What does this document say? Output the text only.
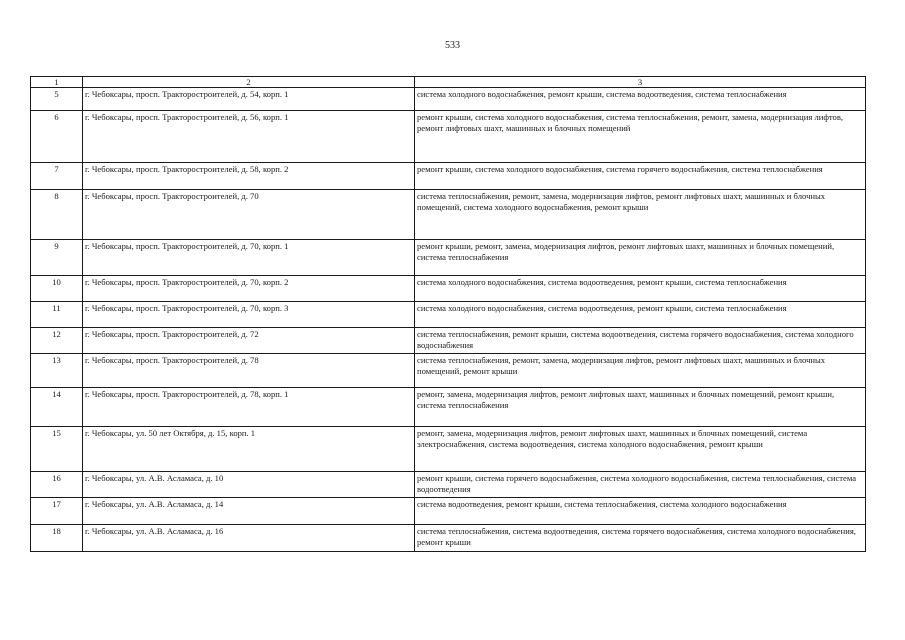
533
1	2	3
5	г. Чебоксары, просп. Тракторостроителей, д. 54, корп. 1	система холодного водоснабжения, ремонт крыши, система водоотведения, система теплоснабжения
6	г. Чебоксары, просп. Тракторостроителей, д. 56, корп. 1	ремонт крыши, система холодного водоснабжения, система теплоснабжения, ремонт, замена, модернизация лифтов, ремонт лифтовых шахт, машинных и блочных помещений
7	г. Чебоксары, просп. Тракторостроителей, д. 58, корп. 2	ремонт крыши, система холодного водоснабжения, система горячего водоснабжения, система теплоснабжения
8	г. Чебоксары, просп. Тракторостроителей, д. 70	система теплоснабжения, ремонт, замена, модернизация лифтов, ремонт лифтовых шахт, машинных и блочных помещений, система холодного водоснабжения, ремонт крыши
9	г. Чебоксары, просп. Тракторостроителей, д. 70, корп. 1	ремонт крыши, ремонт, замена, модернизация лифтов, ремонт лифтовых шахт, машинных и блочных помещений, система теплоснабжения
10	г. Чебоксары, просп. Тракторостроителей, д. 70, корп. 2	система холодного водоснабжения, система водоотведения, ремонт крыши, система теплоснабжения
11	г. Чебоксары, просп. Тракторостроителей, д. 70, корп. 3	система холодного водоснабжения, система водоотведения, ремонт крыши, система теплоснабжения
12	г. Чебоксары, просп. Тракторостроителей, д. 72	система теплоснабжения, ремонт крыши, система водоотведения, система горячего водоснабжения, система холодного водоснабжения
13	г. Чебоксары, просп. Тракторостроителей, д. 78	система теплоснабжения, ремонт, замена, модернизация лифтов, ремонт лифтовых шахт, машинных и блочных помещений, ремонт крыши
14	г. Чебоксары, просп. Тракторостроителей, д. 78, корп. 1	ремонт, замена, модернизация лифтов, ремонт лифтовых шахт, машинных и блочных помещений, ремонт крыши, система теплоснабжения
15	г. Чебоксары, ул. 50 лет Октября, д. 15, корп. 1	ремонт, замена, модернизация лифтов, ремонт лифтовых шахт, машинных и блочных помещений, система электроснабжения, система водоотведения, система холодного водоснабжения, ремонт крыши
16	г. Чебоксары, ул. А.В. Асламаса, д. 10	ремонт крыши, система горячего водоснабжения, система холодного водоснабжения, система теплоснабжения, система водоотведения
17	г. Чебоксары, ул. А.В. Асламаса, д. 14	система водоотведения, ремонт крыши, система теплоснабжения, система холодного водоснабжения
18	г. Чебоксары, ул. А.В. Асламаса, д. 16	система теплоснабжения, система водоотведения, система горячего водоснабжения, система холодного водоснабжения, ремонт крыши
